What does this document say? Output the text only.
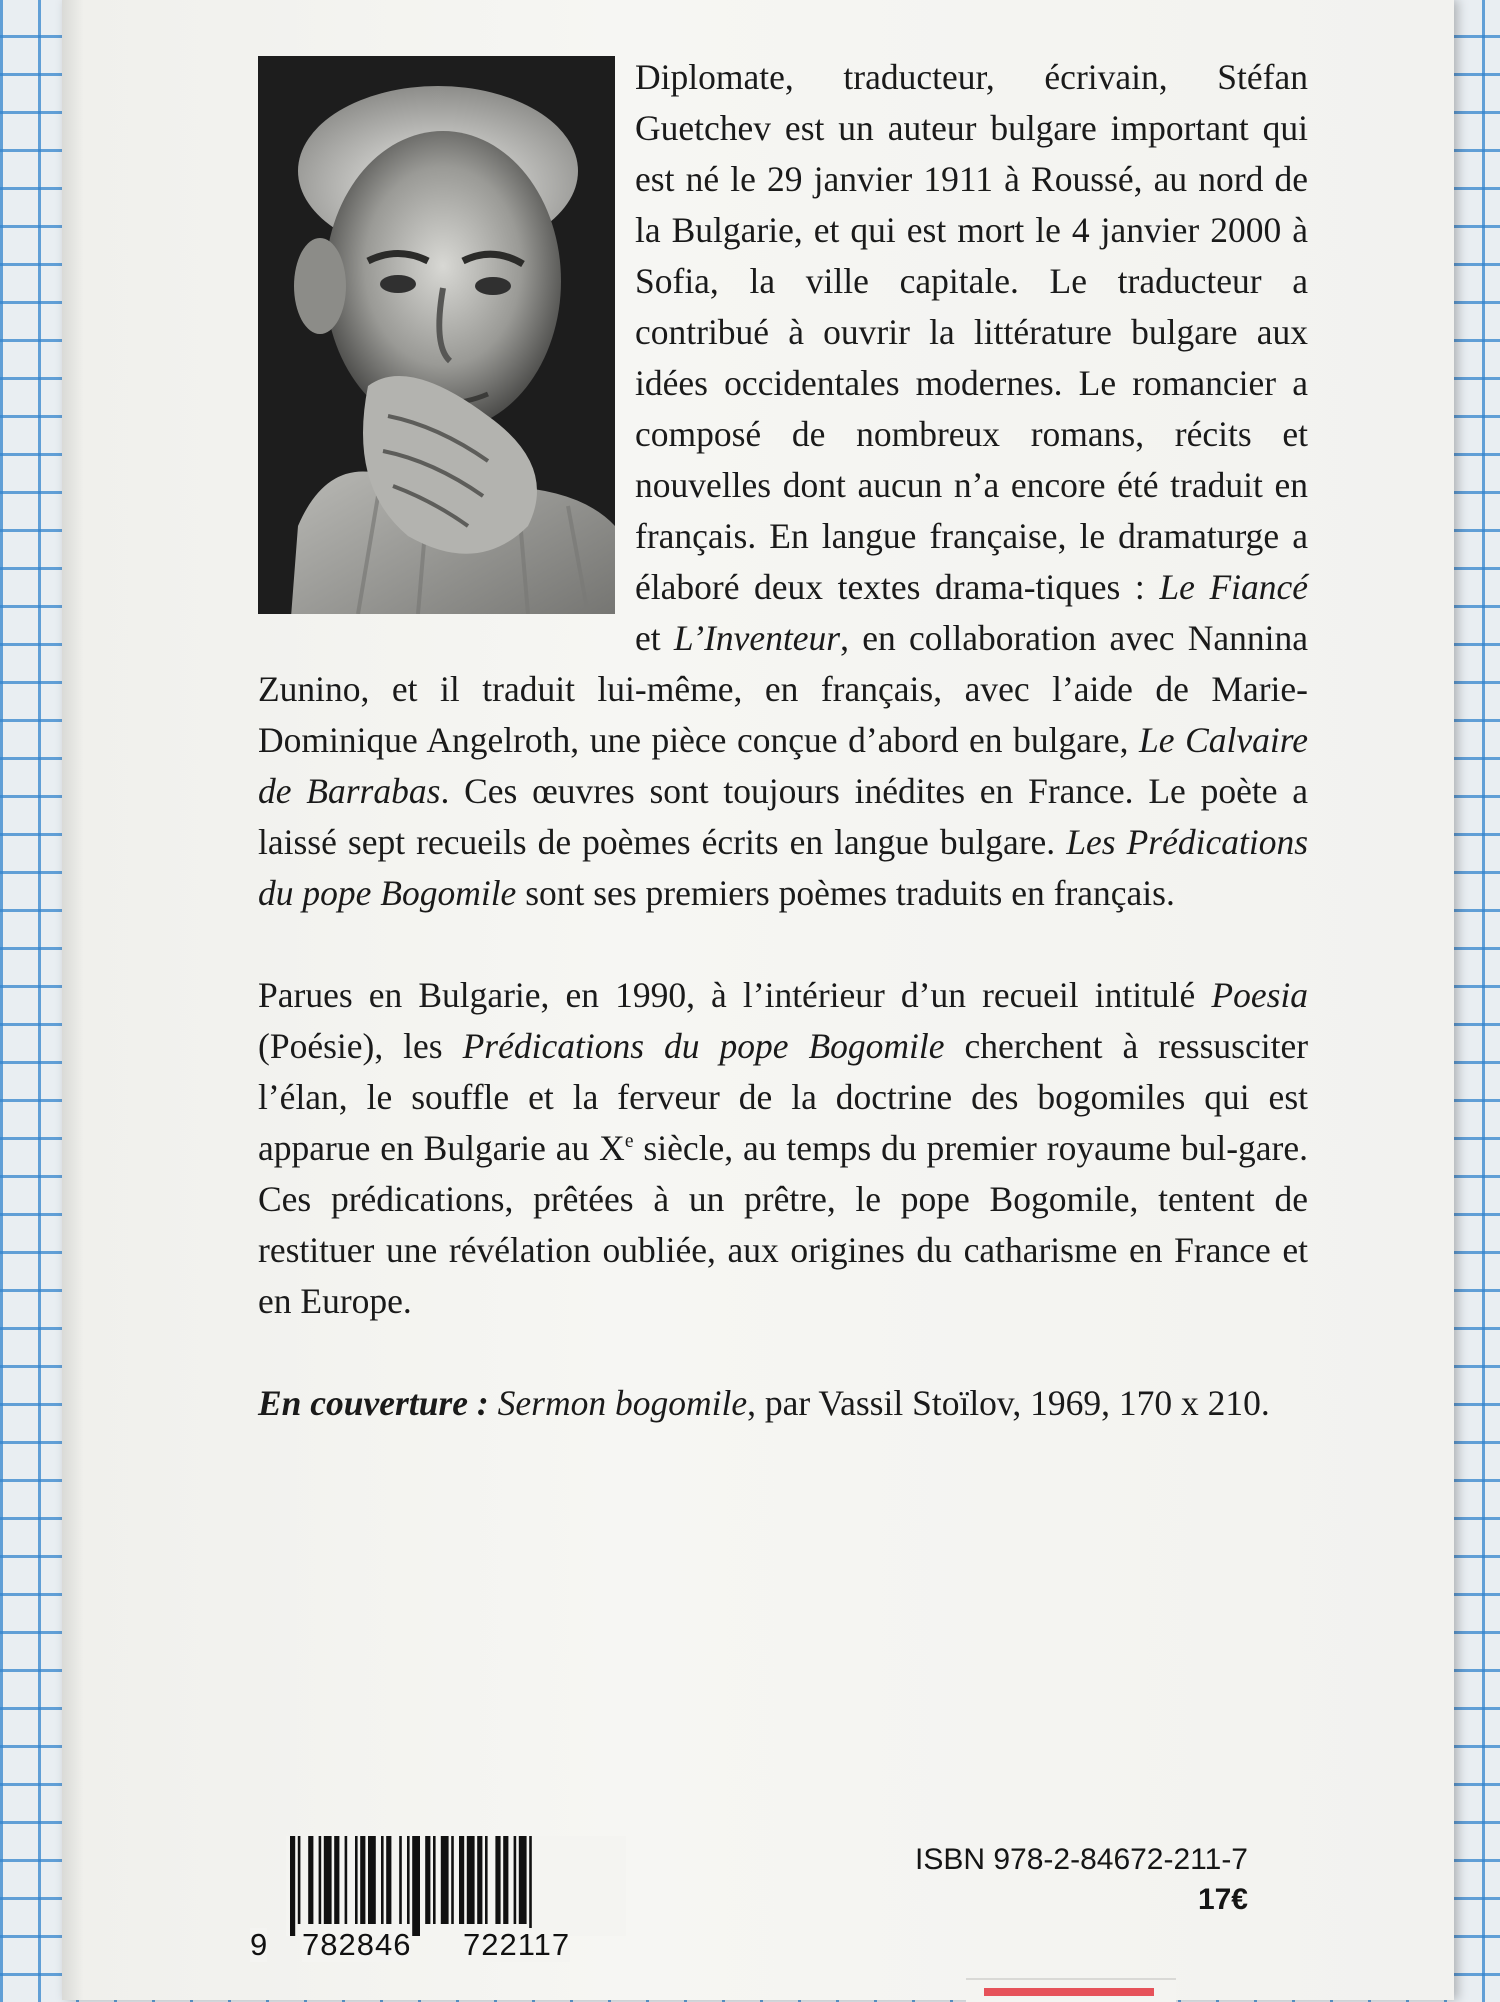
Diplomate, traducteur, écrivain, Stéfan Guetchev est un auteur bulgare important qui est né le 29 janvier 1911 à Roussé, au nord de la Bulgarie, et qui est mort le 4 janvier 2000 à Sofia, la ville capitale. Le traducteur a contribué à ouvrir la littérature bulgare aux idées occidentales modernes. Le romancier a composé de nombreux romans, récits et nouvelles dont aucun n’a encore été traduit en français. En langue française, le dramaturge a élaboré deux textes drama-tiques : Le Fiancé et L’Inventeur, en collaboration avec Nannina Zunino, et il traduit lui-même, en français, avec l’aide de Marie-Dominique Angelroth, une pièce conçue d’abord en bulgare, Le Calvaire de Barrabas. Ces œuvres sont toujours inédites en France. Le poète a laissé sept recueils de poèmes écrits en langue bulgare. Les Prédications du pope Bogomile sont ses premiers poèmes traduits en français.

Parues en Bulgarie, en 1990, à l’intérieur d’un recueil intitulé Poesia (Poésie), les Prédications du pope Bogomile cherchent à ressusciter l’élan, le souffle et la ferveur de la doctrine des bogomiles qui est apparue en Bulgarie au Xe siècle, au temps du premier royaume bul-gare. Ces prédications, prêtées à un prêtre, le pope Bogomile, tentent de restituer une révélation oubliée, aux origines du catharisme en France et en Europe.

En couverture : Sermon bogomile, par Vassil Stoïlov, 1969, 170 x 210.

9 782846 722117
ISBN 978-2-84672-211-7
17€
